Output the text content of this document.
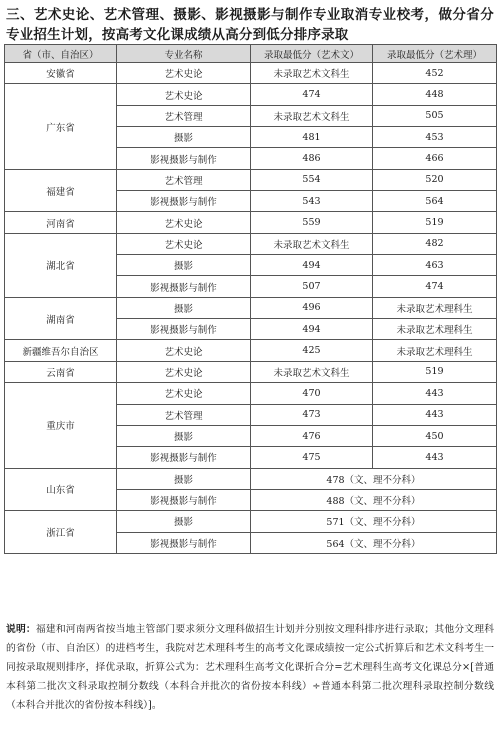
三、艺术史论、艺术管理、摄影、影视摄影与制作专业取消专业校考，做分省分专业招生计划，按高考文化课成绩从高分到低分排序录取
省（市、自治区）	专业名称	录取最低分（艺术文）	录取最低分（艺术理）
安徽省	艺术史论	未录取艺术文科生	452
广东省	艺术史论	474	448
	艺术管理	未录取艺术文科生	505
	摄影	481	453
	影视摄影与制作	486	466
福建省	艺术管理	554	520
	影视摄影与制作	543	564
河南省	艺术史论	559	519
湖北省	艺术史论	未录取艺术文科生	482
	摄影	494	463
	影视摄影与制作	507	474
湖南省	摄影	496	未录取艺术理科生
	影视摄影与制作	494	未录取艺术理科生
新疆维吾尔自治区	艺术史论	425	未录取艺术理科生
云南省	艺术史论	未录取艺术文科生	519
重庆市	艺术史论	470	443
	艺术管理	473	443
	摄影	476	450
	影视摄影与制作	475	443
山东省	摄影	478（文、理不分科）	
	影视摄影与制作	488（文、理不分科）	
浙江省	摄影	571（文、理不分科）	
	影视摄影与制作	564（文、理不分科）	
说明：福建和河南两省按当地主管部门要求须分文理科做招生计划并分别按文理科排序进行录取；其他分文理科的省份（市、自治区）的进档考生，我院对艺术理科考生的高考文化课成绩按一定公式折算后和艺术文科考生一同按录取规则排序，择优录取，折算公式为：艺术理科生高考文化课折合分=艺术理科生高考文化课总分×[普通本科第二批次文科录取控制分数线（本科合并批次的省份按本科线）÷普通本科第二批次理科录取控制分数线（本科合并批次的省份按本科线）]。
